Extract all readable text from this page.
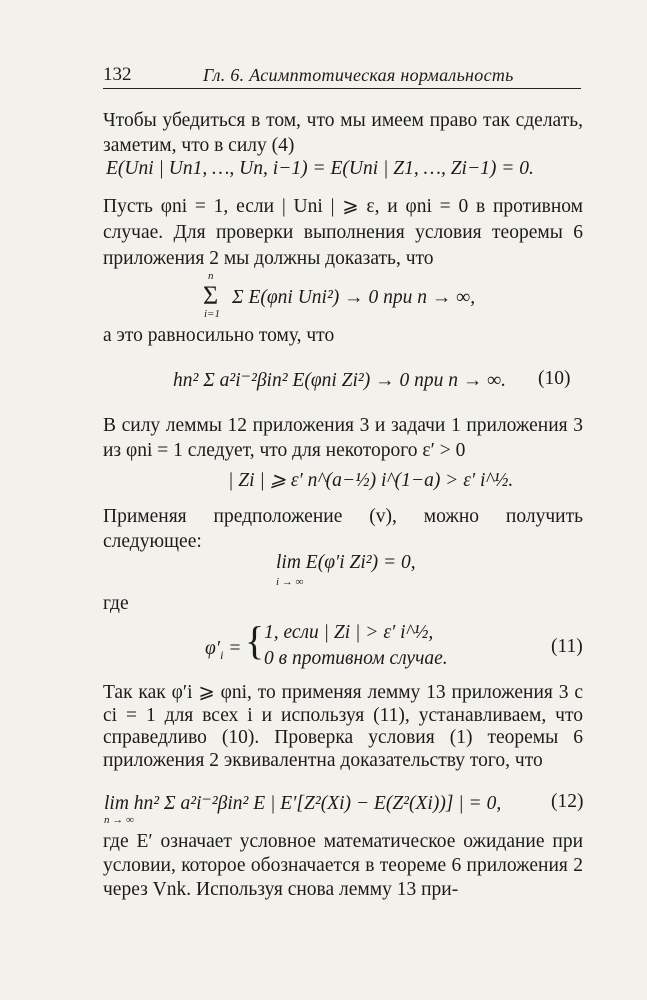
132	Гл. 6. Асимптотическая нормальность
Чтобы убедиться в том, что мы имеем право так сделать, заметим, что в силу (4)
E(Uni | Un1, …, Un, i−1) = E(Uni | Z1, …, Zi−1) = 0.
Пусть φni = 1, если | Uni | ⩾ ε, и φni = 0 в противном случае. Для проверки выполнения условия теоремы 6 приложения 2 мы должны доказать, что
n
Σ
i=1
Σ E(φni Uni²) → 0 при n → ∞,
а это равносильно тому, что
hn² Σ a²i⁻²βin² E(φni Zi²) → 0 при n → ∞. (10)
В силу леммы 12 приложения 3 и задачи 1 приложения 3 из φni = 1 следует, что для некоторого ε′ > 0
| Zi | ⩾ ε′ n^(a−½) i^(1−a) > ε′ i^½.
Применяя предположение (v), можно получить следующее:
lim E(φ′i Zi²) = 0,
i → ∞
где
$\varphi'_i$ = { 1, если | Zi | > ε′ i^½,
0 в противном случае.
(11)
Так как φ′i ⩾ φni, то применяя лемму 13 приложения 3 с ci = 1 для всех i и используя (11), устанавливаем, что справедливо (10). Проверка условия (1) теоремы 6 приложения 2 эквивалентна доказательству того, что
lim hn² Σ a²i⁻²βin² E | E′[Z²(Xi) − E(Z²(Xi))] | = 0,
n → ∞
(12)
где E′ означает условное математическое ожидание при условии, которое обозначается в теореме 6 приложения 2 через Vnk. Используя снова лемму 13 при-
